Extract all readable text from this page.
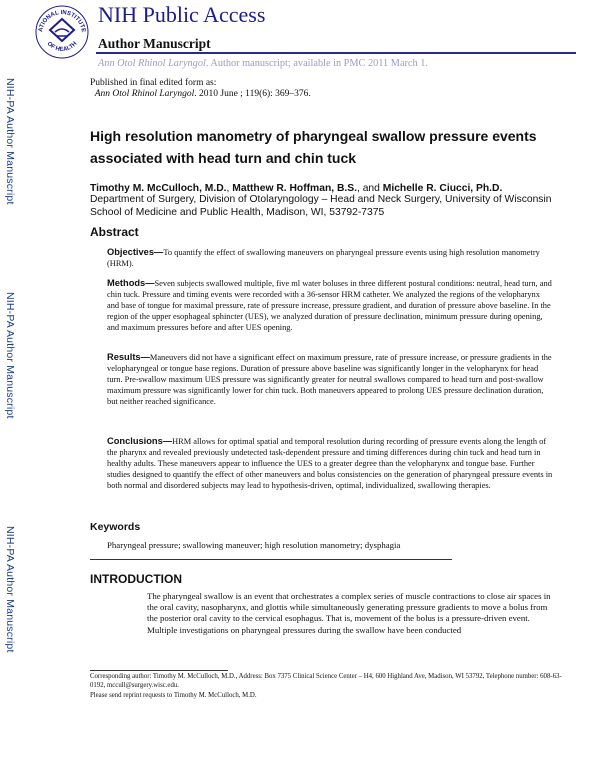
ATIONAL INSTITUTE
OF HEALTH
NIH Public Access
Author Manuscript
Ann Otol Rhinol Laryngol. Author manuscript; available in PMC 2011 March 1.
Published in final edited form as:
Ann Otol Rhinol Laryngol. 2010 June ; 119(6): 369–376.
NIH-PA Author Manuscript
NIH-PA Author Manuscript
NIH-PA Author Manuscript
High resolution manometry of pharyngeal swallow pressure events associated with head turn and chin tuck
Timothy M. McCulloch, M.D., Matthew R. Hoffman, B.S., and Michelle R. Ciucci, Ph.D.
Department of Surgery, Division of Otolaryngology – Head and Neck Surgery, University of Wisconsin School of Medicine and Public Health, Madison, WI, 53792-7375
Abstract
Objectives—To quantify the effect of swallowing maneuvers on pharyngeal pressure events using high resolution manometry (HRM).
Methods—Seven subjects swallowed multiple, five ml water boluses in three different postural conditions: neutral, head turn, and chin tuck. Pressure and timing events were recorded with a 36-sensor HRM catheter. We analyzed the regions of the velopharynx and base of tongue for maximal pressure, rate of pressure increase, pressure gradient, and duration of pressure above baseline. In the region of the upper esophageal sphincter (UES), we analyzed duration of pressure declination, minimum pressure during opening, and maximum pressures before and after UES opening.
Results—Maneuvers did not have a significant effect on maximum pressure, rate of pressure increase, or pressure gradients in the velopharyngeal or tongue base regions. Duration of pressure above baseline was significantly longer in the velopharynx for head turn. Pre-swallow maximum UES pressure was significantly greater for neutral swallows compared to head turn and post-swallow maximum pressure was significantly lower for chin tuck. Both maneuvers appeared to prolong UES pressure declination duration, but neither reached significance.
Conclusions—HRM allows for optimal spatial and temporal resolution during recording of pressure events along the length of the pharynx and revealed previously undetected task-dependent pressure and timing differences during chin tuck and head turn in healthy adults. These maneuvers appear to influence the UES to a greater degree than the velopharynx and tongue base. Further studies designed to quantify the effect of other maneuvers and bolus consistencies on the generation of pharyngeal pressure events in both normal and disordered subjects may lead to hypothesis-driven, optimal, individualized, swallowing therapies.
Keywords
Pharyngeal pressure; swallowing maneuver; high resolution manometry; dysphagia
INTRODUCTION
The pharyngeal swallow is an event that orchestrates a complex series of muscle contractions to close air spaces in the oral cavity, nasopharynx, and glottis while simultaneously generating pressure gradients to move a bolus from the posterior oral cavity to the cervical esophagus. That is, movement of the bolus is a pressure-driven event. Multiple investigations on pharyngeal pressures during the swallow have been conducted
Corresponding author: Timothy M. McCulloch, M.D., Address: Box 7375 Clinical Science Center – H4, 600 Highland Ave, Madison, WI 53792, Telephone number: 608-63-0192, mccull@surgery.wisc.edu.
Please send reprint requests to Timothy M. McCulloch, M.D.
